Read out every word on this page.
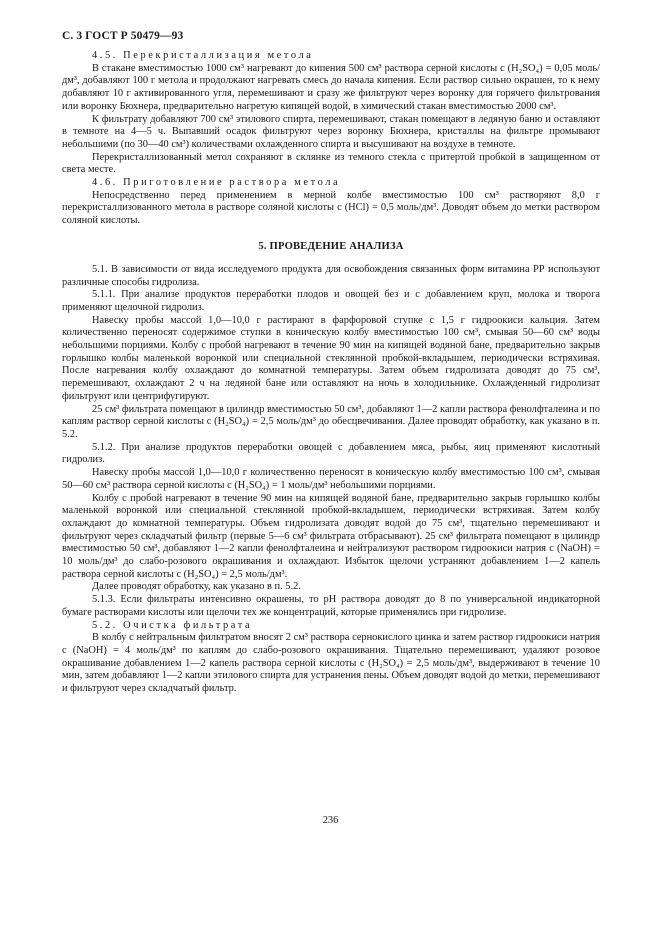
С. 3 ГОСТ Р 50479—93

4.5. Перекристаллизация метола

В стакане вместимостью 1000 см³ нагревают до кипения 500 см³ раствора серной кислоты с (H₂SO₄) = 0,05 моль/дм³, добавляют 100 г метола и продолжают нагревать смесь до начала кипения. Если раствор сильно окрашен, то к нему добавляют 10 г активированного угля, перемешивают и сразу же фильтруют через воронку для горячего фильтрования или воронку Бюхнера, предварительно нагретую кипящей водой, в химический стакан вместимостью 2000 см³.

К фильтрату добавляют 700 см³ этилового спирта, перемешивают, стакан помещают в ледяную баню и оставляют в темноте на 4—5 ч. Выпавший осадок фильтруют через воронку Бюхнера, кристаллы на фильтре промывают небольшими (по 30—40 см³) количествами охлажденного спирта и высушивают на воздухе в темноте.

Перекристаллизованный метол сохраняют в склянке из темного стекла с притертой пробкой в защищенном от света месте.

4.6. Приготовление раствора метола

Непосредственно перед применением в мерной колбе вместимостью 100 см³ растворяют 8,0 г перекристаллизованного метола в растворе соляной кислоты с (HCl) = 0,5 моль/дм³. Доводят объем до метки раствором соляной кислоты.

5. ПРОВЕДЕНИЕ АНАЛИЗА

5.1. В зависимости от вида исследуемого продукта для освобождения связанных форм витамина РР используют различные способы гидролиза.

5.1.1. При анализе продуктов переработки плодов и овощей без и с добавлением круп, молока и творога применяют щелочной гидролиз.

Навеску пробы массой 1,0—10,0 г растирают в фарфоровой ступке с 1,5 г гидроокиси кальция. Затем количественно переносят содержимое ступки в коническую колбу вместимостью 100 см³, смывая 50—60 см³ воды небольшими порциями. Колбу с пробой нагревают в течение 90 мин на кипящей водяной бане, предварительно закрыв горлышко колбы маленькой воронкой или специальной стеклянной пробкой-вкладышем, периодически встряхивая. После нагревания колбу охлаждают до комнатной температуры. Затем объем гидролизата доводят до 75 см³, перемешивают, охлаждают 2 ч на ледяной бане или оставляют на ночь в холодильнике. Охлажденный гидролизат фильтруют или центрифугируют.

25 см³ фильтрата помещают в цилиндр вместимостью 50 см³, добавляют 1—2 капли раствора фенолфталеина и по каплям раствор серной кислоты с (H₂SO₄) = 2,5 моль/дм³ до обесцвечивания. Далее проводят обработку, как указано в п. 5.2.

5.1.2. При анализе продуктов переработки овощей с добавлением мяса, рыбы, яиц применяют кислотный гидролиз.

Навеску пробы массой 1,0—10,0 г количественно переносят в коническую колбу вместимостью 100 см³, смывая 50—60 см³ раствора серной кислоты с (H₂SO₄) = 1 моль/дм³ небольшими порциями.

Колбу с пробой нагревают в течение 90 мин на кипящей водяной бане, предварительно закрыв горлышко колбы маленькой воронкой или специальной стеклянной пробкой-вкладышем, периодически встряхивая. Затем колбу охлаждают до комнатной температуры. Объем гидролизата доводят водой до 75 см³, тщательно перемешивают и фильтруют через складчатый фильтр (первые 5—6 см³ фильтрата отбрасывают). 25 см³ фильтрата помещают в цилиндр вместимостью 50 см³, добавляют 1—2 капли фенолфталеина и нейтрализуют раствором гидроокиси натрия с (NaOH) = 10 моль/дм³ до слабо-розового окрашивания и охлаждают. Избыток щелочи устраняют добавлением 1—2 капель раствора серной кислоты с (H₂SO₄) = 2,5 моль/дм³.

Далее проводят обработку, как указано в п. 5.2.

5.1.3. Если фильтраты интенсивно окрашены, то рН раствора доводят до 8 по универсальной индикаторной бумаге растворами кислоты или щелочи тех же концентраций, которые применялись при гидролизе.

5.2. Очистка фильтрата

В колбу с нейтральным фильтратом вносят 2 см³ раствора сернокислого цинка и затем раствор гидроокиси натрия с (NaOH) = 4 моль/дм³ по каплям до слабо-розового окрашивания. Тщательно перемешивают, удаляют розовое окрашивание добавлением 1—2 капель раствора серной кислоты с (H₂SO₄) = 2,5 моль/дм³, выдерживают в течение 10 мин, затем добавляют 1—2 капли этилового спирта для устранения пены. Объем доводят водой до метки, перемешивают и фильтруют через складчатый фильтр.

236
